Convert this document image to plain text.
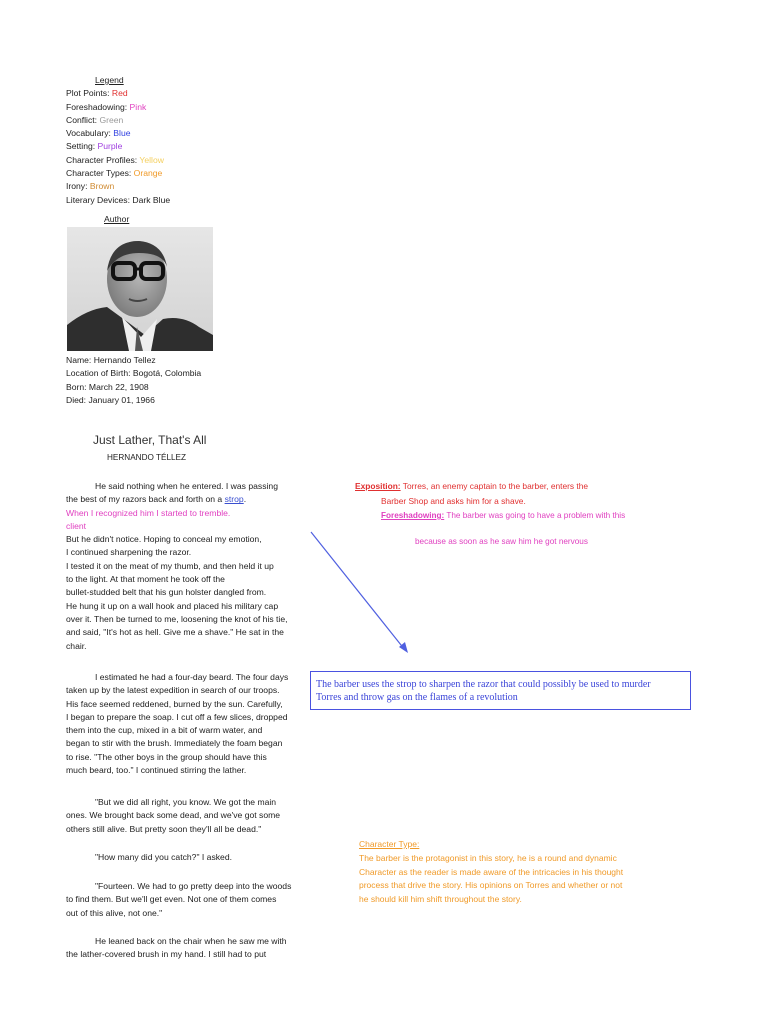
Legend
Plot Points: Red
Foreshadowing: Pink
Conflict: Green
Vocabulary: Blue
Setting: Purple
Character Profiles: Yellow
Character Types: Orange
Irony: Brown
Literary Devices: Dark Blue
Author
Name: Hernando Tellez
Location of Birth: Bogotá, Colombia
Born: March 22, 1908
Died: January 01, 1966
Just Lather, That's All
HERNANDO TÉLLEZ
He said nothing when he entered. I was passing
the best of my razors back and forth on a strop.
When I recognized him I started to tremble.
client
But he didn't notice. Hoping to conceal my emotion,
I continued sharpening the razor.
I tested it on the meat of my thumb, and then held it up
to the light. At that moment he took off the
bullet-studded belt that his gun holster dangled from.
He hung it up on a wall hook and placed his military cap
over it. Then be turned to me, loosening the knot of his tie,
and said, "It's hot as hell. Give me a shave." He sat in the
chair.
I estimated he had a four-day beard. The four days
taken up by the latest expedition in search of our troops.
His face seemed reddened, burned by the sun. Carefully,
I began to prepare the soap. I cut off a few slices, dropped
them into the cup, mixed in a bit of warm water, and
began to stir with the brush. Immediately the foam began
to rise. "The other boys in the group should have this
much beard, too." I continued stirring the lather.
"But we did all right, you know. We got the main
ones. We brought back some dead, and we've got some
others still alive. But pretty soon they'll all be dead."
"How many did you catch?" I asked.
"Fourteen. We had to go pretty deep into the woods
to find them. But we'll get even. Not one of them comes
out of this alive, not one."
He leaned back on the chair when he saw me with
the lather-covered brush in my hand. I still had to put
Exposition: Torres, an enemy captain to the barber, enters the
Barber Shop and asks him for a shave.
Foreshadowing: The barber was going to have a problem with this
because as soon as he saw him he got nervous
The barber uses the strop to sharpen the razor that could possibly be used to murder
Torres and throw gas on the flames of a revolution
Character Type:
The barber is the protagonist in this story, he is a round and dynamic
Character as the reader is made aware of the intricacies in his thought
process that drive the story. His opinions on Torres and whether or not
he should kill him shift throughout the story.
